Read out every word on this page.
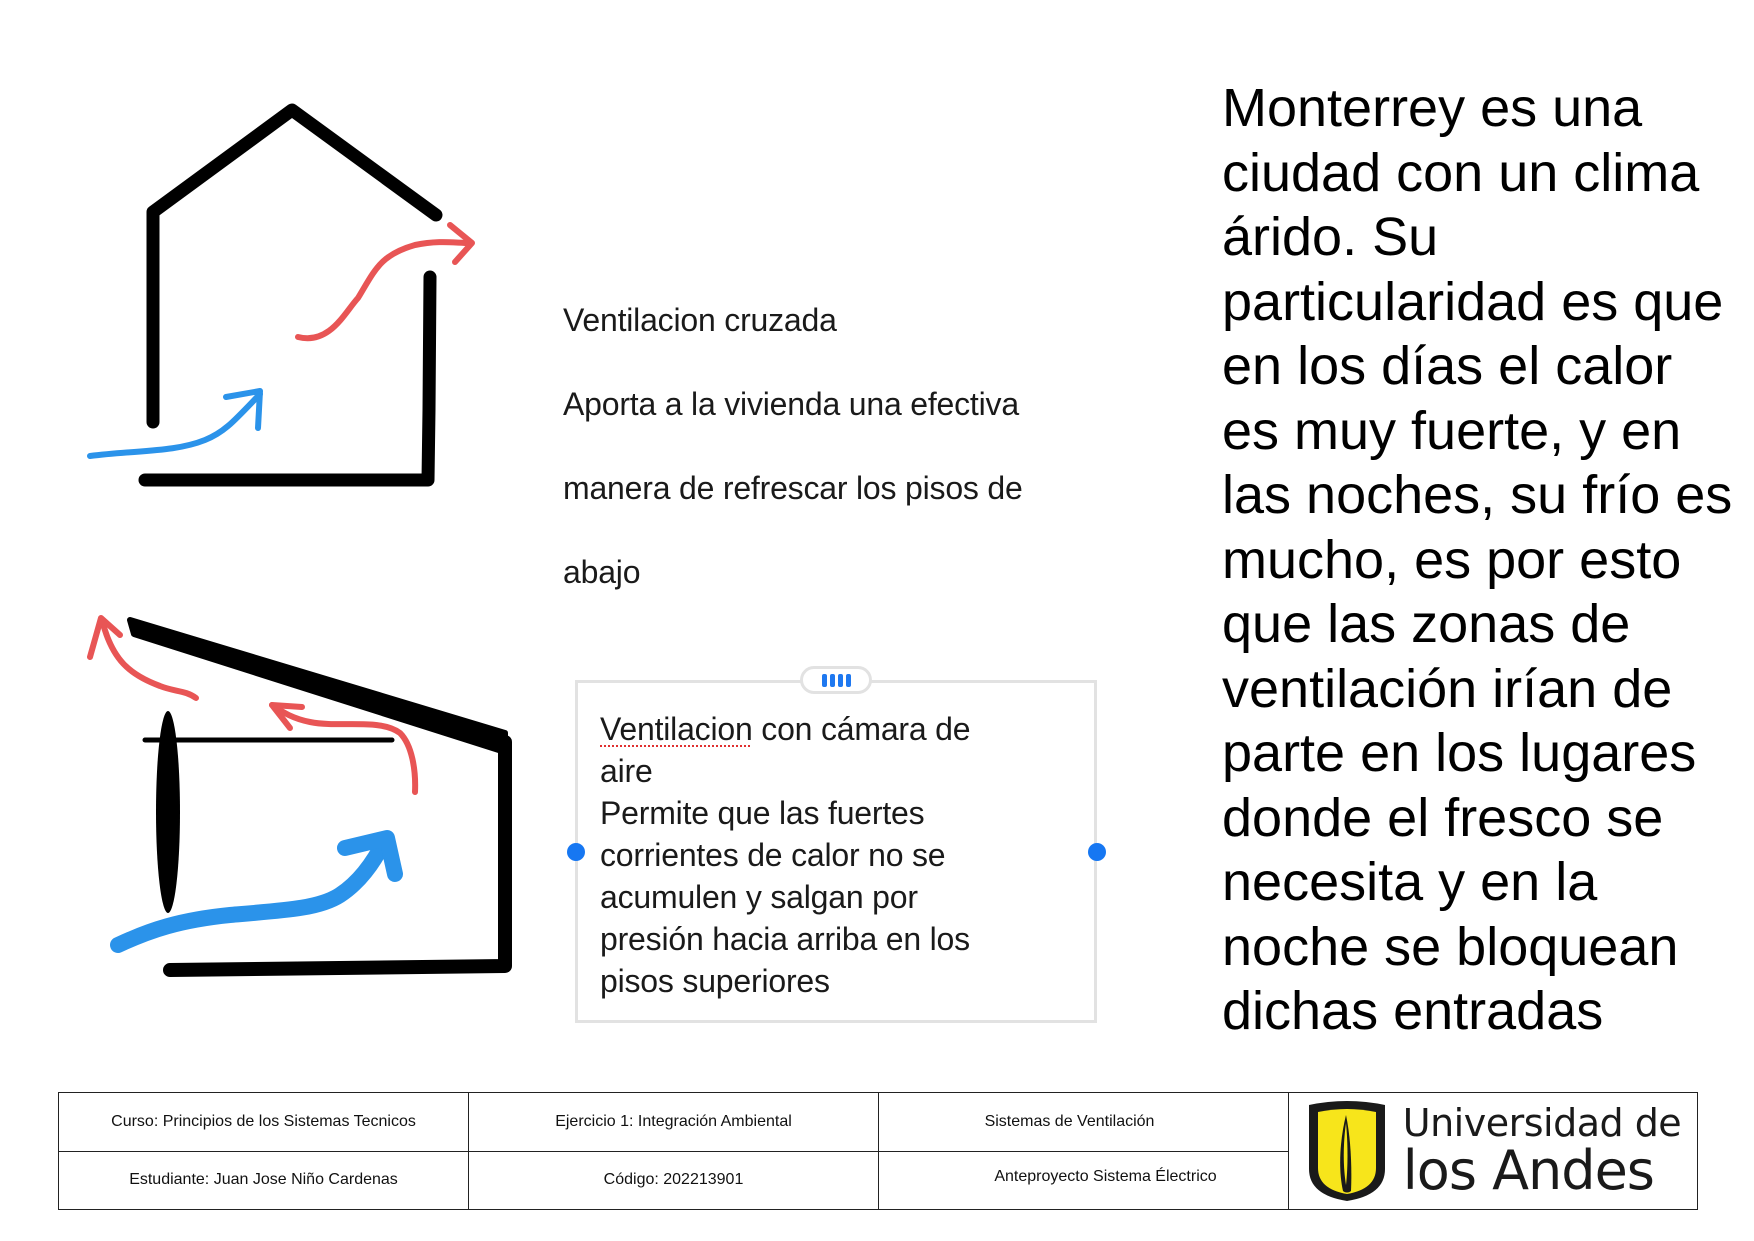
Ventilacion cruzada

Aporta a la vivienda una efectiva

manera de refrescar los pisos de

abajo

Ventilacion con cámara de
aire
Permite que las fuertes
corrientes de calor no se
acumulen y salgan por
presión hacia arriba en los
pisos superiores
Monterrey es una
ciudad con un clima
árido. Su
particularidad es que
en los días el calor
es muy fuerte, y en
las noches, su frío es
mucho, es por esto
que las zonas de
ventilación irían de
parte en los lugares
donde el fresco se
necesita y en la
noche se bloquean
dichas entradas
Curso: Principios de los Sistemas Tecnicos	Ejercicio 1: Integración Ambiental	Sistemas de Ventilación	Universidad de
los Andes

Estudiante: Juan Jose Niño Cardenas	Código: 202213901	Anteproyecto Sistema Électrico	
